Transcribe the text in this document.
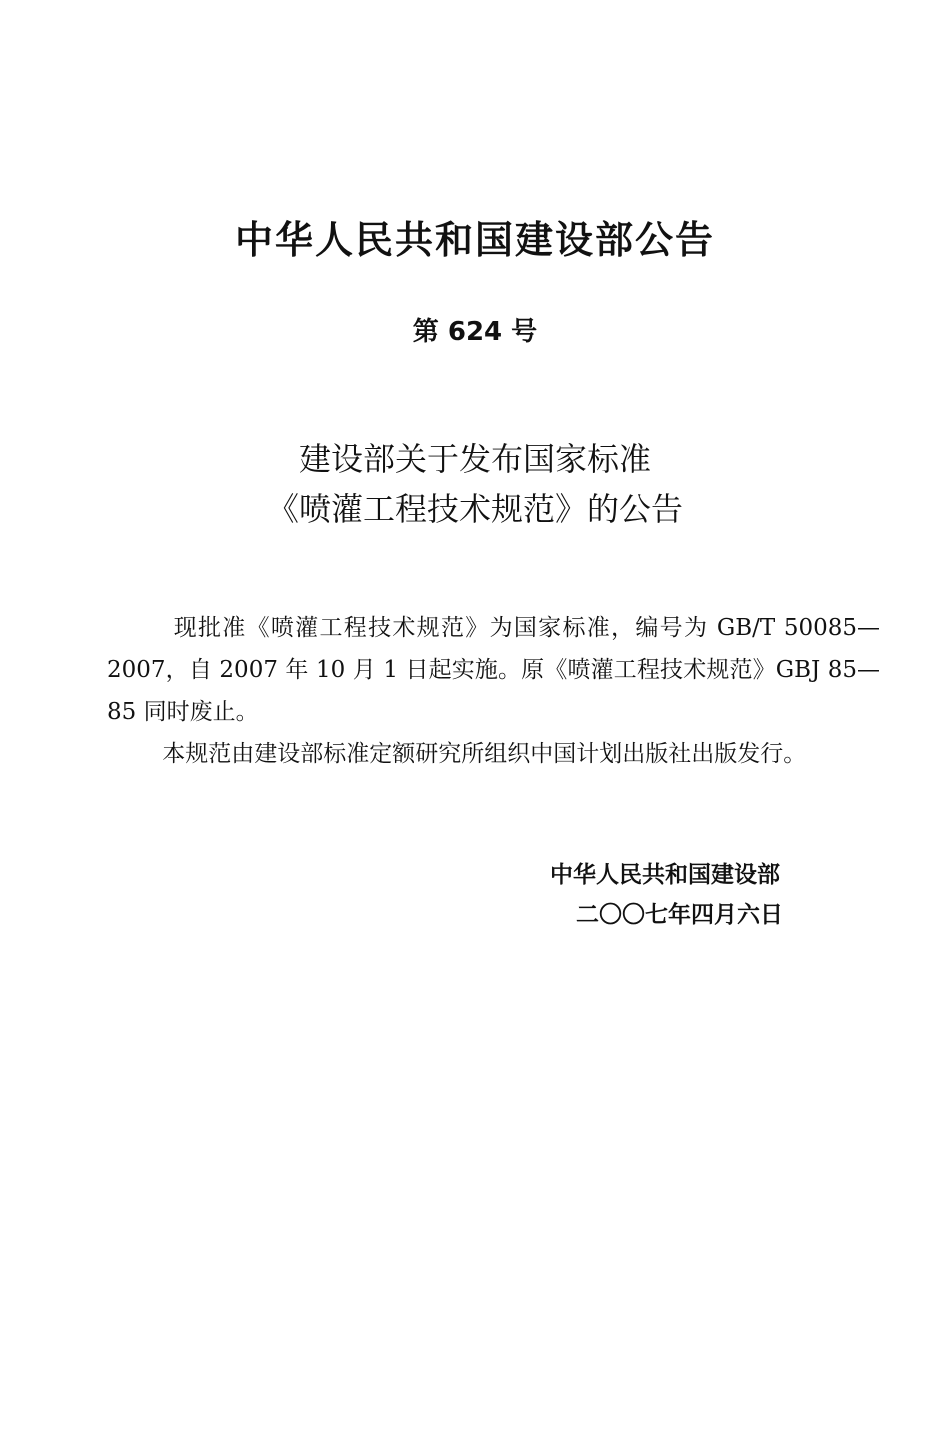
中华人民共和国建设部公告
第 624 号
建设部关于发布国家标准
《喷灌工程技术规范》的公告

现批准《喷灌工程技术规范》为国家标准，编号为 GB/T 50085—2007，自 2007 年 10 月 1 日起实施。原《喷灌工程技术规范》GBJ 85—85 同时废止。

本规范由建设部标准定额研究所组织中国计划出版社出版发行。

中华人民共和国建设部
二〇〇七年四月六日
